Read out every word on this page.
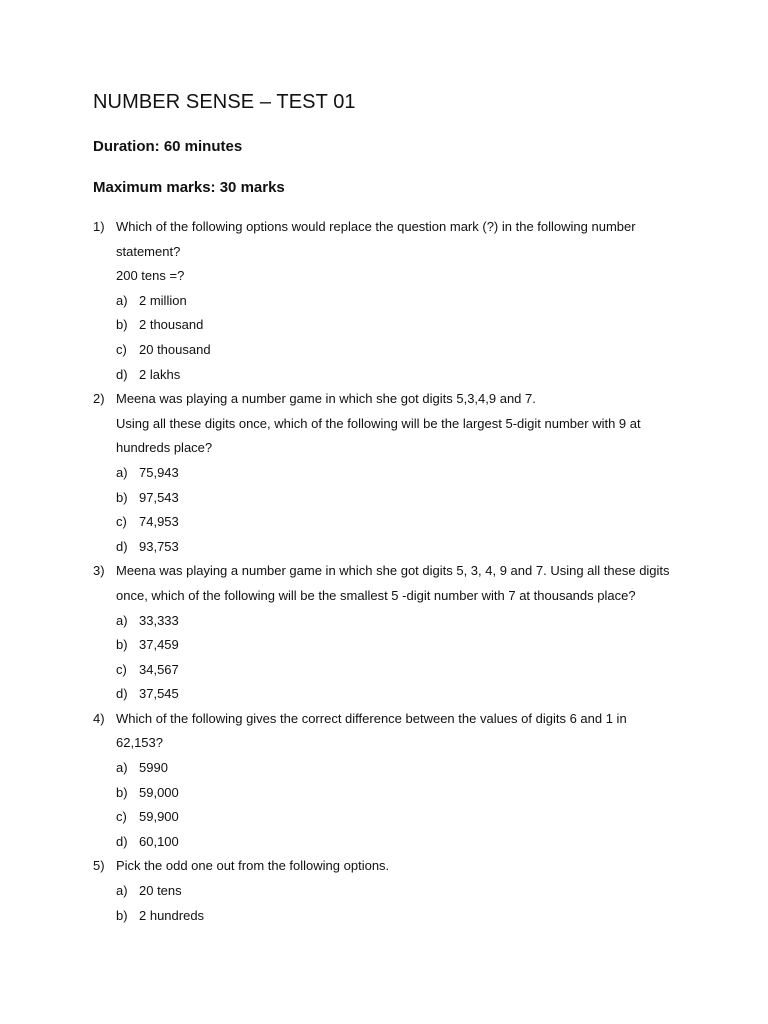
NUMBER SENSE – TEST 01

Duration: 60 minutes

Maximum marks: 30 marks

1) Which of the following options would replace the question mark (?) in the following number
statement?
200 tens =?
a) 2 million
b) 2 thousand
c) 20 thousand
d) 2 lakhs
2) Meena was playing a number game in which she got digits 5,3,4,9 and 7.
Using all these digits once, which of the following will be the largest 5-digit number with 9 at
hundreds place?
a) 75,943
b) 97,543
c) 74,953
d) 93,753
3) Meena was playing a number game in which she got digits 5, 3, 4, 9 and 7. Using all these digits
once, which of the following will be the smallest 5 -digit number with 7 at thousands place?
a) 33,333
b) 37,459
c) 34,567
d) 37,545
4) Which of the following gives the correct difference between the values of digits 6 and 1 in
62,153?
a) 5990
b) 59,000
c) 59,900
d) 60,100
5) Pick the odd one out from the following options.
a) 20 tens
b) 2 hundreds
